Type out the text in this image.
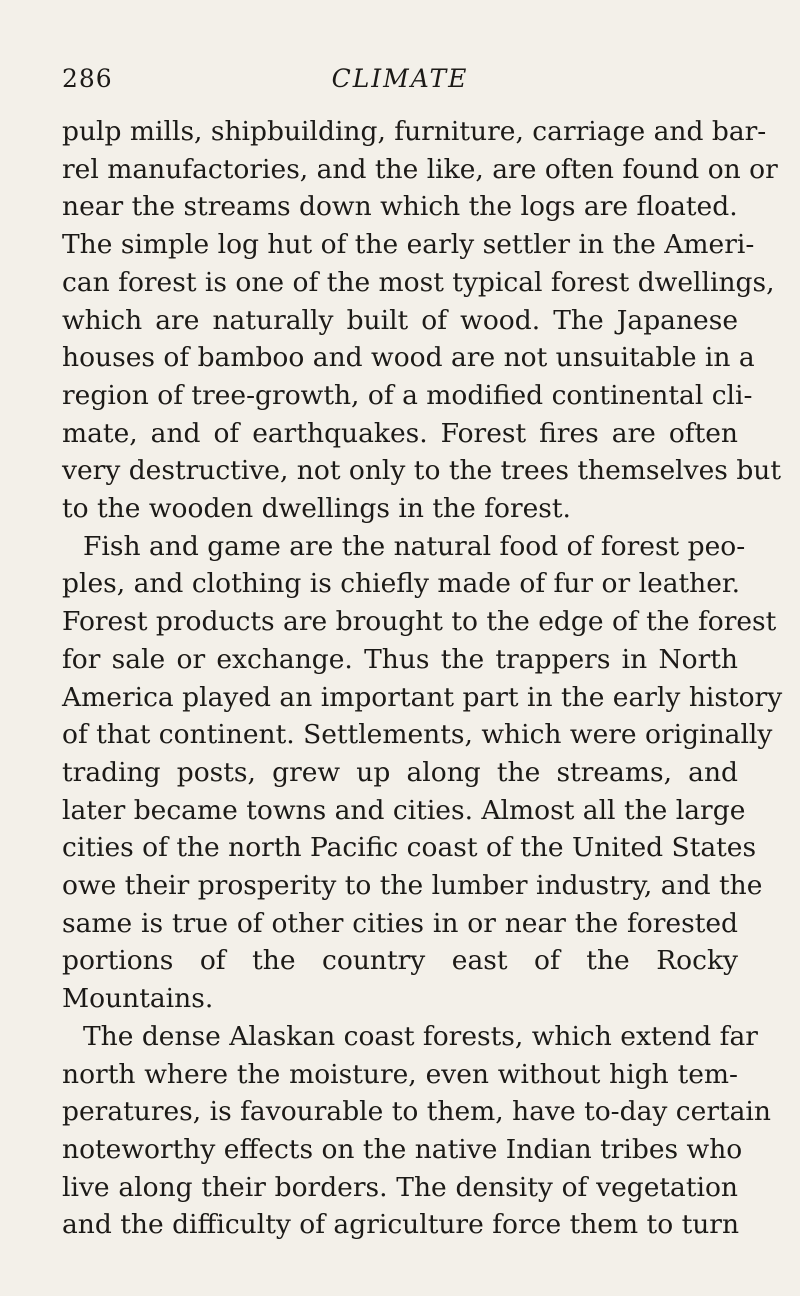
286	CLIMATE
pulp mills, shipbuilding, furniture, carriage and bar-
rel manufactories, and the like, are often found on or
near the streams down which the logs are floated.
The simple log hut of the early settler in the Ameri-
can forest is one of the most typical forest dwellings,
which are naturally built of wood. The Japanese
houses of bamboo and wood are not unsuitable in a
region of tree-growth, of a modified continental cli-
mate, and of earthquakes. Forest fires are often
very destructive, not only to the trees themselves but
to the wooden dwellings in the forest.
Fish and game are the natural food of forest peo-
ples, and clothing is chiefly made of fur or leather.
Forest products are brought to the edge of the forest
for sale or exchange. Thus the trappers in North
America played an important part in the early history
of that continent. Settlements, which were originally
trading posts, grew up along the streams, and
later became towns and cities. Almost all the large
cities of the north Pacific coast of the United States
owe their prosperity to the lumber industry, and the
same is true of other cities in or near the forested
portions of the country east of the Rocky
Mountains.
The dense Alaskan coast forests, which extend far
north where the moisture, even without high tem-
peratures, is favourable to them, have to-day certain
noteworthy effects on the native Indian tribes who
live along their borders. The density of vegetation
and the difficulty of agriculture force them to turn
